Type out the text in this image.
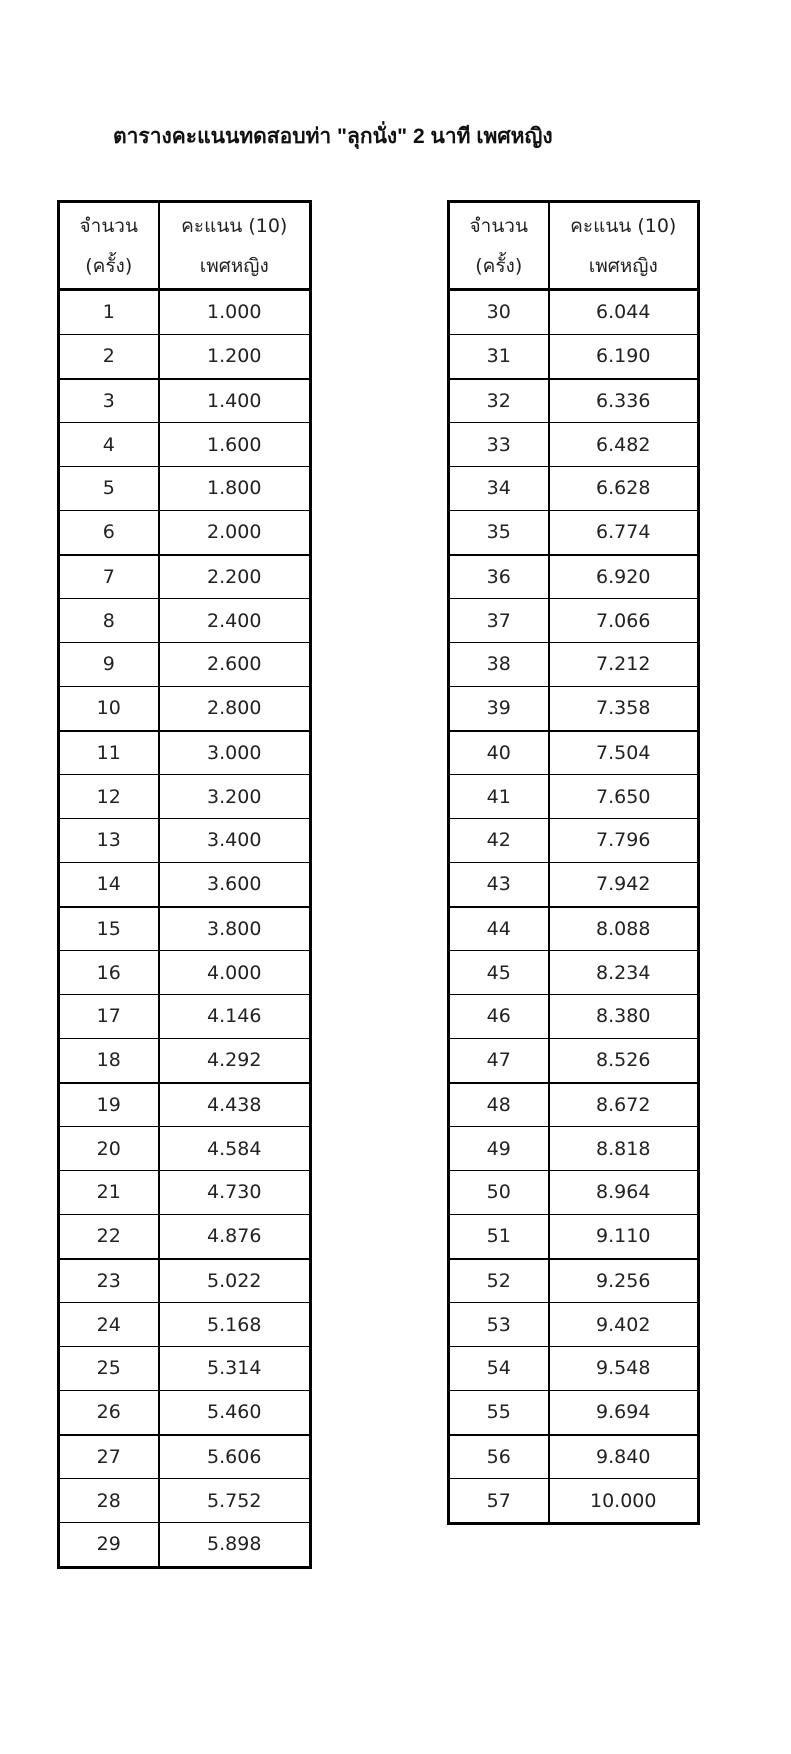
ตารางคะแนนทดสอบท่า "ลุกนั่ง" 2 นาที เพศหญิง
จำนวน
(ครั้ง)	คะแนน (10)
เพศหญิง

1	1.000
2	1.200
3	1.400
4	1.600
5	1.800
6	2.000
7	2.200
8	2.400
9	2.600
10	2.800
11	3.000
12	3.200
13	3.400
14	3.600
15	3.800
16	4.000
17	4.146
18	4.292
19	4.438
20	4.584
21	4.730
22	4.876
23	5.022
24	5.168
25	5.314
26	5.460
27	5.606
28	5.752
29	5.898
จำนวน
(ครั้ง)	คะแนน (10)
เพศหญิง

30	6.044
31	6.190
32	6.336
33	6.482
34	6.628
35	6.774
36	6.920
37	7.066
38	7.212
39	7.358
40	7.504
41	7.650
42	7.796
43	7.942
44	8.088
45	8.234
46	8.380
47	8.526
48	8.672
49	8.818
50	8.964
51	9.110
52	9.256
53	9.402
54	9.548
55	9.694
56	9.840
57	10.000
